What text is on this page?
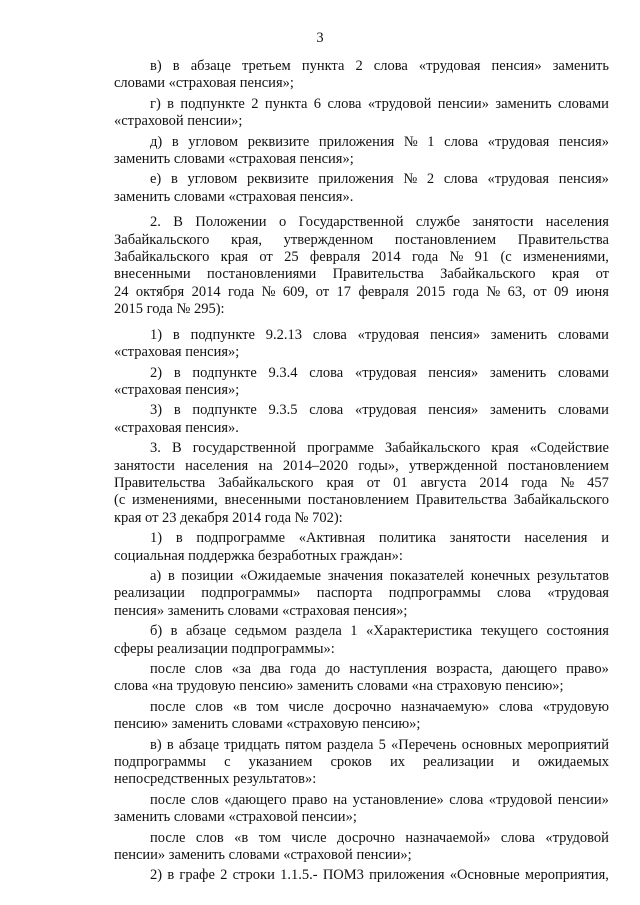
3
в) в абзаце третьем пункта 2 слова «трудовая пенсия» заменить
словами «страховая пенсия»;
г) в подпункте 2 пункта 6 слова «трудовой пенсии» заменить словами
«страховой пенсии»;
д) в угловом реквизите приложения № 1 слова «трудовая пенсия»
заменить словами «страховая пенсия»;
е) в угловом реквизите приложения № 2 слова «трудовая пенсия»
заменить словами «страховая пенсия».
2. В Положении о Государственной службе занятости населения
Забайкальского края, утвержденном постановлением Правительства
Забайкальского края от 25 февраля 2014 года № 91 (с изменениями,
внесенными постановлениями Правительства Забайкальского края от
24 октября 2014 года № 609, от 17 февраля 2015 года № 63, от 09 июня
2015 года № 295):
1) в подпункте 9.2.13 слова «трудовая пенсия» заменить словами
«страховая пенсия»;
2) в подпункте 9.3.4 слова «трудовая пенсия» заменить словами
«страховая пенсия»;
3) в подпункте 9.3.5 слова «трудовая пенсия» заменить словами
«страховая пенсия».
3. В государственной программе Забайкальского края «Содействие
занятости населения на 2014–2020 годы», утвержденной постановлением
Правительства Забайкальского края от 01 августа 2014 года № 457
(с изменениями, внесенными постановлением Правительства Забайкальского
края от 23 декабря 2014 года № 702):
1) в подпрограмме «Активная политика занятости населения и
социальная поддержка безработных граждан»:
а) в позиции «Ожидаемые значения показателей конечных результатов
реализации подпрограммы» паспорта подпрограммы слова «трудовая
пенсия» заменить словами «страховая пенсия»;
б) в абзаце седьмом раздела 1 «Характеристика текущего состояния
сферы реализации подпрограммы»:
после слов «за два года до наступления возраста, дающего право»
слова «на трудовую пенсию» заменить словами «на страховую пенсию»;
после слов «в том числе досрочно назначаемую» слова «трудовую
пенсию» заменить словами «страховую пенсию»;
в) в абзаце тридцать пятом раздела 5 «Перечень основных мероприятий
подпрограммы с указанием сроков их реализации и ожидаемых
непосредственных результатов»:
после слов «дающего право на установление» слова «трудовой пенсии»
заменить словами «страховой пенсии»;
после слов «в том числе досрочно назначаемой» слова «трудовой
пенсии» заменить словами «страховой пенсии»;
2) в графе 2 строки 1.1.5.- ПОМ3 приложения «Основные мероприятия,
